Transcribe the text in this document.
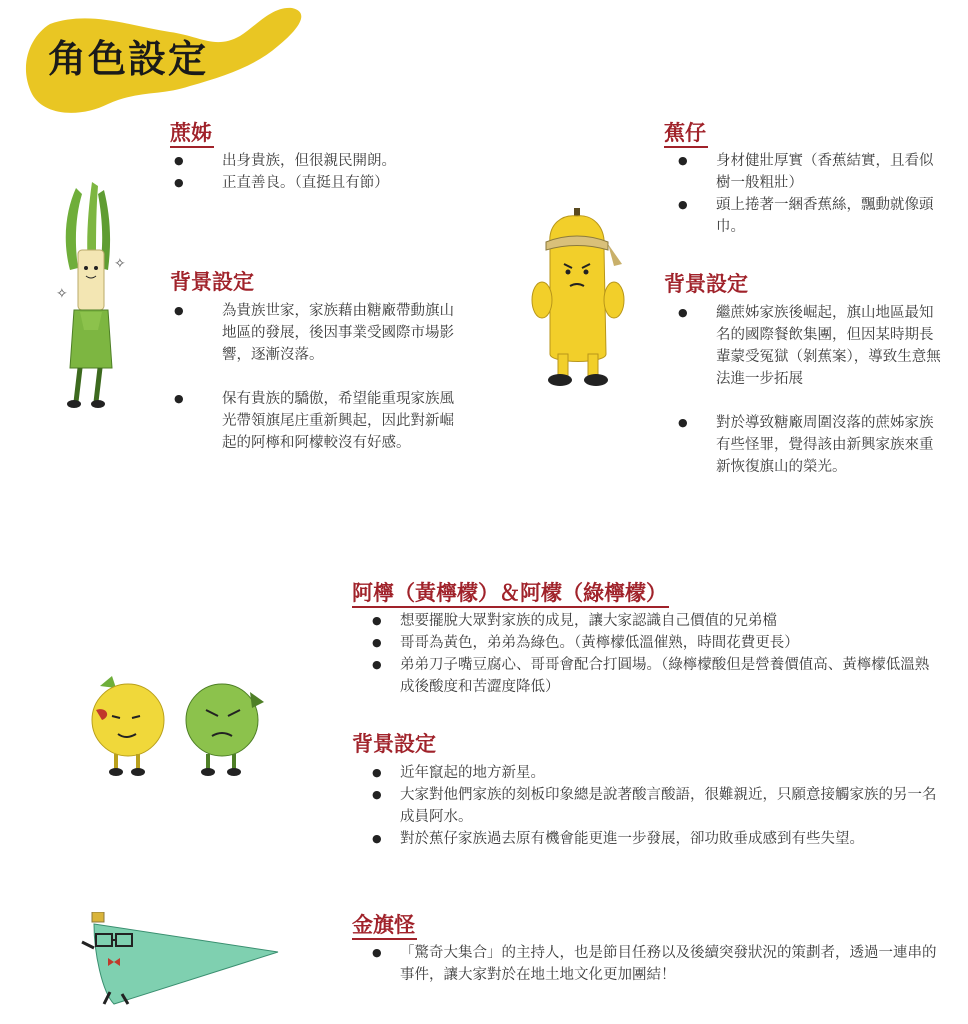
角色設定
✧
✧
蔗姊
● 出身貴族，但很親民開朗。
● 正直善良。（直挺且有節）
背景設定
● 為貴族世家，家族藉由糖廠帶動旗山地區的發展，後因事業受國際市場影響，逐漸沒落。
● 保有貴族的驕傲，希望能重現家族風光帶領旗尾庄重新興起，因此對新崛起的阿檸和阿檬較沒有好感。
蕉仔
● 身材健壯厚實（香蕉結實，且看似樹一般粗壯）
● 頭上捲著一綑香蕉絲，飄動就像頭巾。
背景設定
● 繼蔗姊家族後崛起，旗山地區最知名的國際餐飲集團，但因某時期長輩蒙受冤獄（剝蕉案），導致生意無法進一步拓展
● 對於導致糖廠周圍沒落的蔗姊家族有些怪罪，覺得該由新興家族來重新恢復旗山的榮光。
阿檸（黃檸檬）＆阿檬（綠檸檬）
● 想要擺脫大眾對家族的成見，讓大家認識自己價值的兄弟檔
● 哥哥為黃色，弟弟為綠色。（黃檸檬低溫催熟，時間花費更長）
● 弟弟刀子嘴豆腐心、哥哥會配合打圓場。（綠檸檬酸但是營養價值高、黃檸檬低溫熟成後酸度和苦澀度降低）
背景設定
● 近年竄起的地方新星。
● 大家對他們家族的刻板印象總是說著酸言酸語，很難親近，只願意接觸家族的另一名成員阿水。
● 對於蕉仔家族過去原有機會能更進一步發展，卻功敗垂成感到有些失望。
金旗怪
● 「驚奇大集合」的主持人，也是節目任務以及後續突發狀況的策劃者，透過一連串的事件，讓大家對於在地土地文化更加團結！
